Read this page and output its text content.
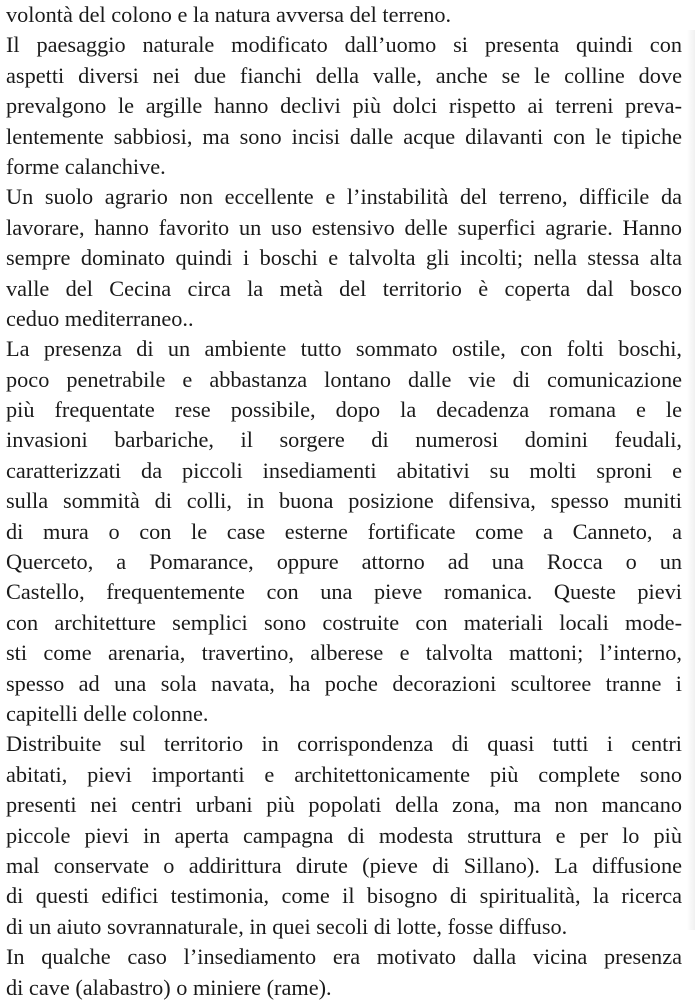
volontà del colono e la natura avversa del terreno.
Il paesaggio naturale modificato dall’uomo si presenta quindi con
aspetti diversi nei due fianchi della valle, anche se le colline dove
prevalgono le argille hanno declivi più dolci rispetto ai terreni preva-
lentemente sabbiosi, ma sono incisi dalle acque dilavanti con le tipiche
forme calanchive.
Un suolo agrario non eccellente e l’instabilità del terreno, difficile da
lavorare, hanno favorito un uso estensivo delle superfici agrarie. Hanno
sempre dominato quindi i boschi e talvolta gli incolti; nella stessa alta
valle del Cecina circa la metà del territorio è coperta dal bosco
ceduo mediterraneo..
La presenza di un ambiente tutto sommato ostile, con folti boschi,
poco penetrabile e abbastanza lontano dalle vie di comunicazione
più frequentate rese possibile, dopo la decadenza romana e le
invasioni barbariche, il sorgere di numerosi domini feudali,
caratterizzati da piccoli insediamenti abitativi su molti sproni e
sulla sommità di colli, in buona posizione difensiva, spesso muniti
di mura o con le case esterne fortificate come a Canneto, a
Querceto, a Pomarance, oppure attorno ad una Rocca o un
Castello, frequentemente con una pieve romanica. Queste pievi
con architetture semplici sono costruite con materiali locali mode-
sti come arenaria, travertino, alberese e talvolta mattoni; l’interno,
spesso ad una sola navata, ha poche decorazioni scultoree tranne i
capitelli delle colonne.
Distribuite sul territorio in corrispondenza di quasi tutti i centri
abitati, pievi importanti e architettonicamente più complete sono
presenti nei centri urbani più popolati della zona, ma non mancano
piccole pievi in aperta campagna di modesta struttura e per lo più
mal conservate o addirittura dirute (pieve di Sillano). La diffusione
di questi edifici testimonia, come il bisogno di spiritualità, la ricerca
di un aiuto sovrannaturale, in quei secoli di lotte, fosse diffuso.
In qualche caso l’insediamento era motivato dalla vicina presenza
di cave (alabastro) o miniere (rame).
